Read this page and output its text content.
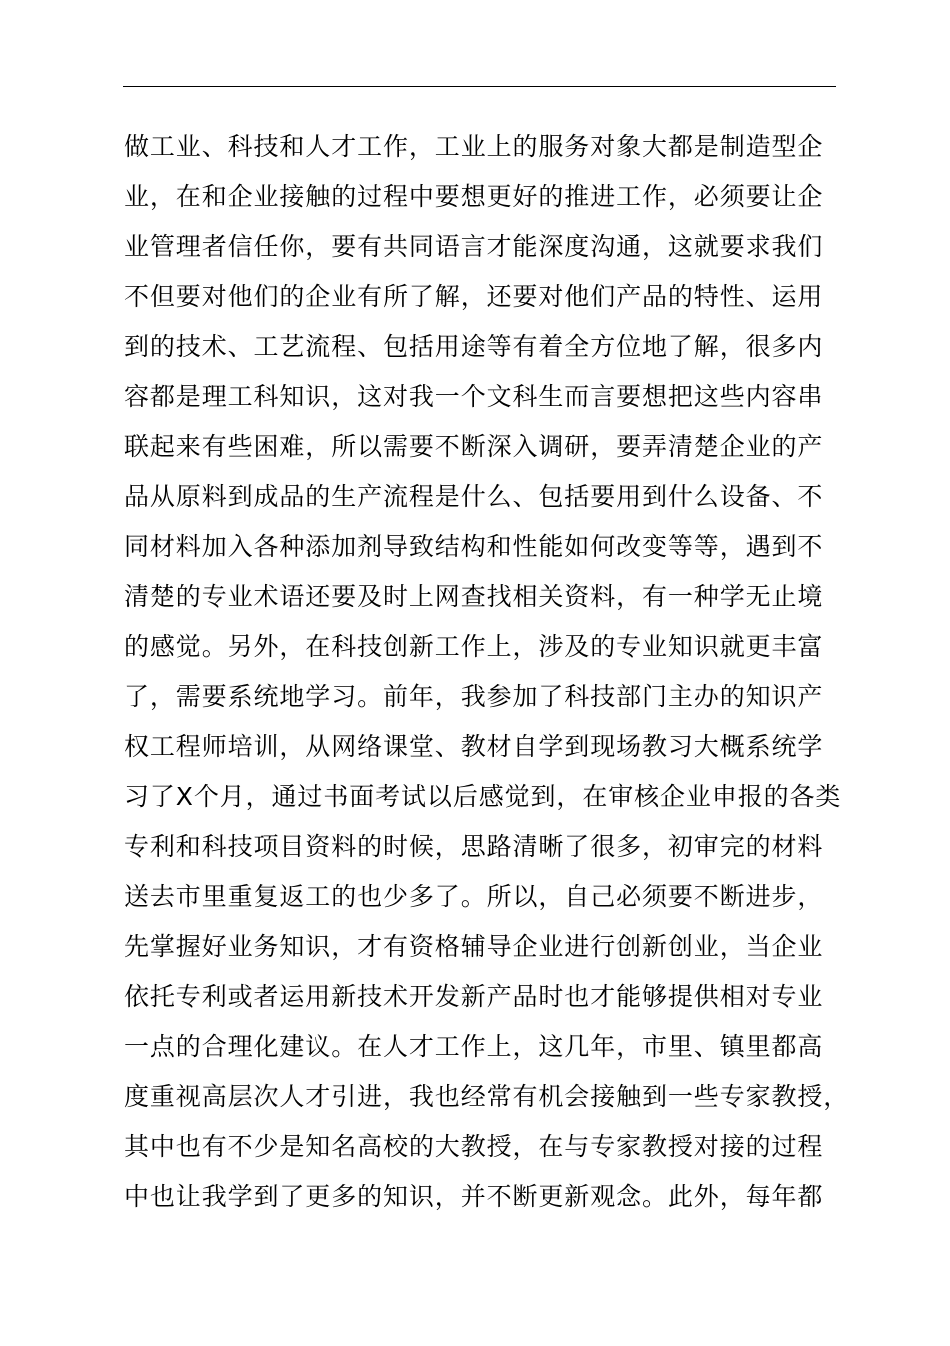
做工业、科技和人才工作，工业上的服务对象大都是制造型企
业，在和企业接触的过程中要想更好的推进工作，必须要让企
业管理者信任你，要有共同语言才能深度沟通，这就要求我们
不但要对他们的企业有所了解，还要对他们产品的特性、运用
到的技术、工艺流程、包括用途等有着全方位地了解，很多内
容都是理工科知识，这对我一个文科生而言要想把这些内容串
联起来有些困难，所以需要不断深入调研，要弄清楚企业的产
品从原料到成品的生产流程是什么、包括要用到什么设备、不
同材料加入各种添加剂导致结构和性能如何改变等等，遇到不
清楚的专业术语还要及时上网查找相关资料，有一种学无止境
的感觉。另外，在科技创新工作上，涉及的专业知识就更丰富
了，需要系统地学习。前年，我参加了科技部门主办的知识产
权工程师培训，从网络课堂、教材自学到现场教习大概系统学
习了X个月，通过书面考试以后感觉到，在审核企业申报的各类
专利和科技项目资料的时候，思路清晰了很多，初审完的材料
送去市里重复返工的也少多了。所以，自己必须要不断进步，
先掌握好业务知识，才有资格辅导企业进行创新创业，当企业
依托专利或者运用新技术开发新产品时也才能够提供相对专业
一点的合理化建议。在人才工作上，这几年，市里、镇里都高
度重视高层次人才引进，我也经常有机会接触到一些专家教授，
其中也有不少是知名高校的大教授，在与专家教授对接的过程
中也让我学到了更多的知识，并不断更新观念。此外，每年都
